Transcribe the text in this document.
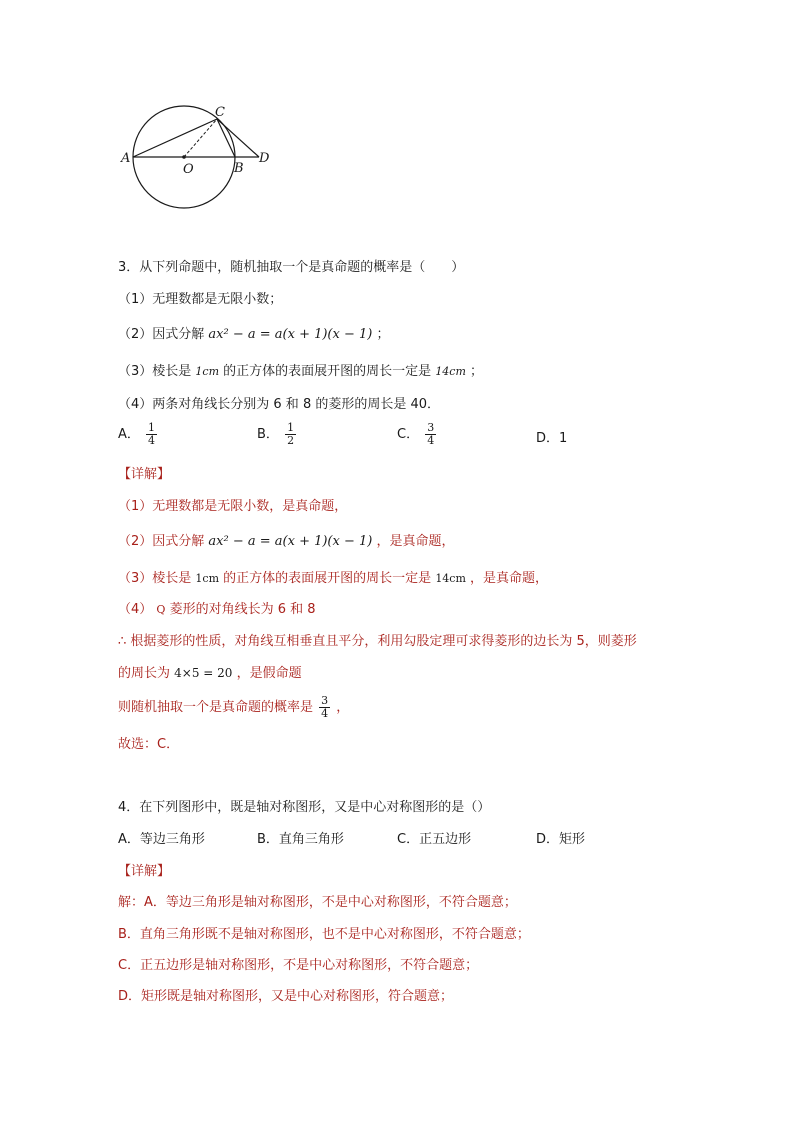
A
O	B
C
D
3．从下列命题中，随机抽取一个是真命题的概率是（　　）
（1）无理数都是无限小数；
（2）因式分解 ax² − a = a(x + 1)(x − 1) ；
（3）棱长是 1cm 的正方体的表面展开图的周长一定是 14cm ；
（4）两条对角线长分别为 6 和 8 的菱形的周长是 40．
A． $\frac{1}{4}$	B． $\frac{1}{2}$	C． $\frac{3}{4}$	D．1
【详解】
（1）无理数都是无限小数，是真命题，
（2）因式分解 ax² − a = a(x + 1)(x − 1) ，是真命题，
（3）棱长是 1cm 的正方体的表面展开图的周长一定是 14cm ，是真命题，
（4） Q 菱形的对角线长为 6 和 8
∴ 根据菱形的性质，对角线互相垂直且平分，利用勾股定理可求得菱形的边长为 5，则菱形
的周长为 4×5 = 20 ，是假命题
则随机抽取一个是真命题的概率是 $\frac{3}{4}$ ，
故选：C．
4．在下列图形中，既是轴对称图形，又是中心对称图形的是（）
A．等边三角形	B．直角三角形	C．正五边形	D．矩形
【详解】
解：A．等边三角形是轴对称图形，不是中心对称图形，不符合题意；
B．直角三角形既不是轴对称图形，也不是中心对称图形，不符合题意；
C．正五边形是轴对称图形，不是中心对称图形，不符合题意；
D．矩形既是轴对称图形，又是中心对称图形，符合题意；
